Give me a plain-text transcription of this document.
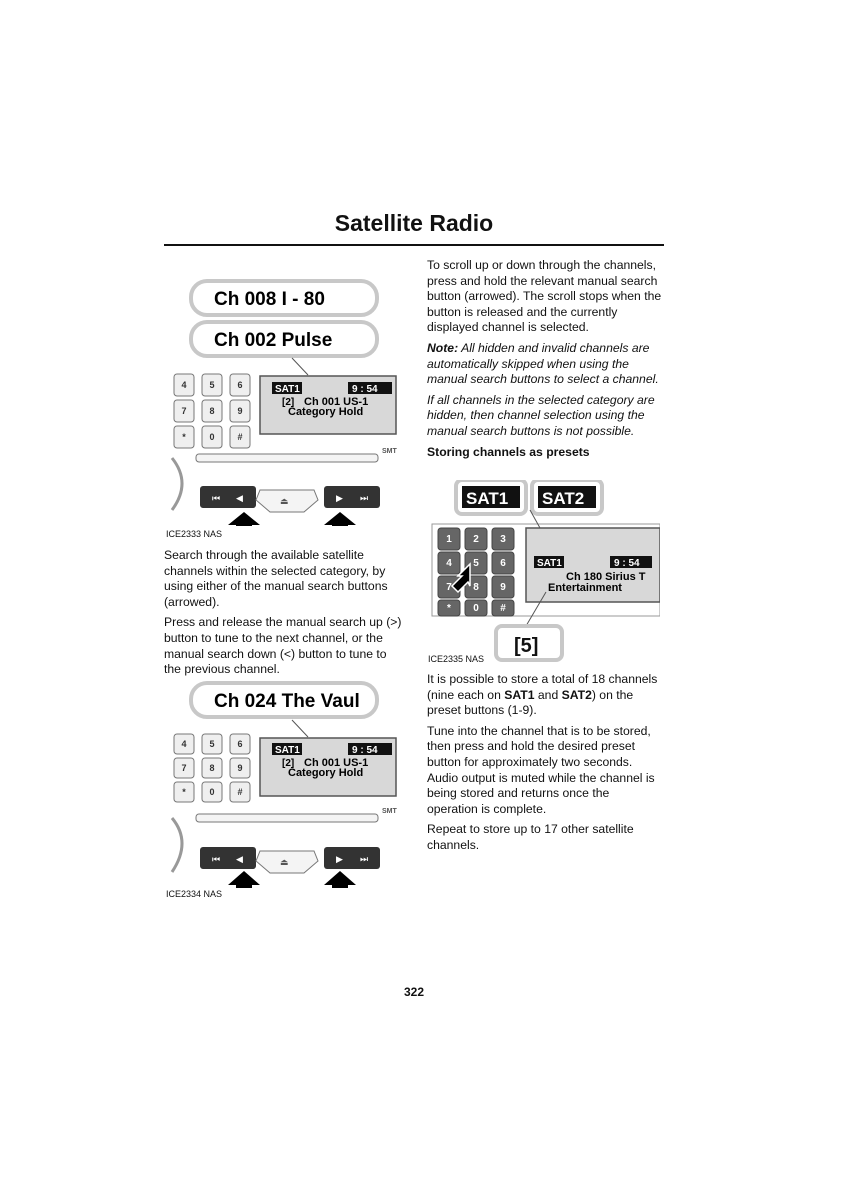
Satellite Radio
Ch 008 I - 80
Ch 002 Pulse
4	5	6
7	8	9
*	0	#
SAT1	9 : 54
[2] Ch 001 US-1
Category Hold
SMT
⏮ ◀	⏏	▶ ⏭
ICE2333 NAS

Search through the available satellite channels within the selected category, by using either of the manual search buttons (arrowed).

Press and release the manual search up (>) button to tune to the next channel, or the manual search down (<) button to tune to the previous channel.

Ch 024 The Vaul
4	5	6
7	8	9
*	0	#
SAT1	9 : 54
[2] Ch 001 US-1
Category Hold
SMT
⏮ ◀	⏏	▶ ⏭
ICE2334 NAS

To scroll up or down through the channels, press and hold the relevant manual search button (arrowed). The scroll stops when the button is released and the currently displayed channel is selected.

Note: All hidden and invalid channels are automatically skipped when using the manual search buttons to select a channel.

If all channels in the selected category are hidden, then channel selection using the manual search buttons is not possible.

Storing channels as presets

SAT1 SAT2
1 2 3
4 5 6
7 8 9
* 0 #
SAT1	9 : 54
Ch 180 Sirius T
Entertainment
[5]
ICE2335 NAS

It is possible to store a total of 18 channels (nine each on SAT1 and SAT2) on the preset buttons (1-9).

Tune into the channel that is to be stored, then press and hold the desired preset button for approximately two seconds. Audio output is muted while the channel is being stored and returns once the operation is complete.

Repeat to store up to 17 other satellite channels.

322
